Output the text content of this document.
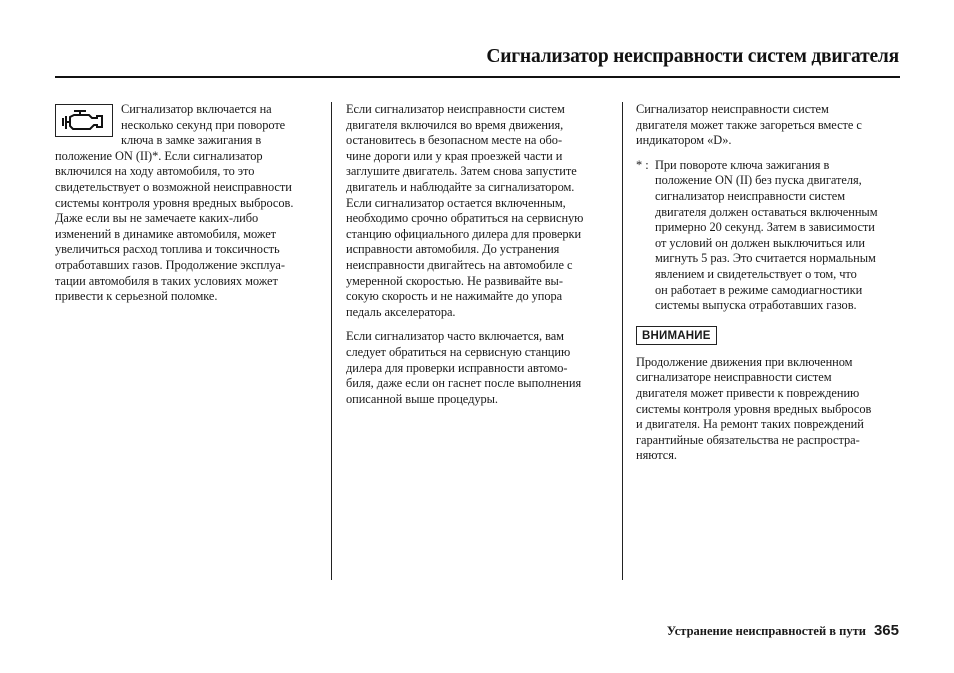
Сигнализатор неисправности систем двигателя

Сигнализатор включается на
несколько секунд при повороте
ключа в замке зажигания в
положение ON (II)*. Если сигнализатор
включился на ходу автомобиля, то это
свидетельствует о возможной неисправности
системы контроля уровня вредных выбросов.
Даже если вы не замечаете каких-либо
изменений в динамике автомобиля, может
увеличиться расход топлива и токсичность
отработавших газов. Продолжение эксплуа-
тации автомобиля в таких условиях может
привести к серьезной поломке.

Если сигнализатор неисправности систем
двигателя включился во время движения,
остановитесь в безопасном месте на обо-
чине дороги или у края проезжей части и
заглушите двигатель. Затем снова запустите
двигатель и наблюдайте за сигнализатором.
Если сигнализатор остается включенным,
необходимо срочно обратиться на сервисную
станцию официального дилера для проверки
исправности автомобиля. До устранения
неисправности двигайтесь на автомобиле с
умеренной скоростью. Не развивайте вы-
сокую скорость и не нажимайте до упора
педаль акселератора.

Если сигнализатор часто включается, вам
следует обратиться на сервисную станцию
дилера для проверки исправности автомо-
биля, даже если он гаснет после выполнения
описанной выше процедуры.

Сигнализатор неисправности систем
двигателя может также загореться вместе с
индикатором «D».

* : При повороте ключа зажигания в
положение ON (II) без пуска двигателя,
сигнализатор неисправности систем
двигателя должен оставаться включенным
примерно 20 секунд. Затем в зависимости
от условий он должен выключиться или
мигнуть 5 раз. Это считается нормальным
явлением и свидетельствует о том, что
он работает в режиме самодиагностики
системы выпуска отработавших газов.
ВНИМАНИЕ

Продолжение движения при включенном
сигнализаторе неисправности систем
двигателя может привести к повреждению
системы контроля уровня вредных выбросов
и двигателя. На ремонт таких повреждений
гарантийные обязательства не распростра-
няются.

Устранение неисправностей в пути 365
